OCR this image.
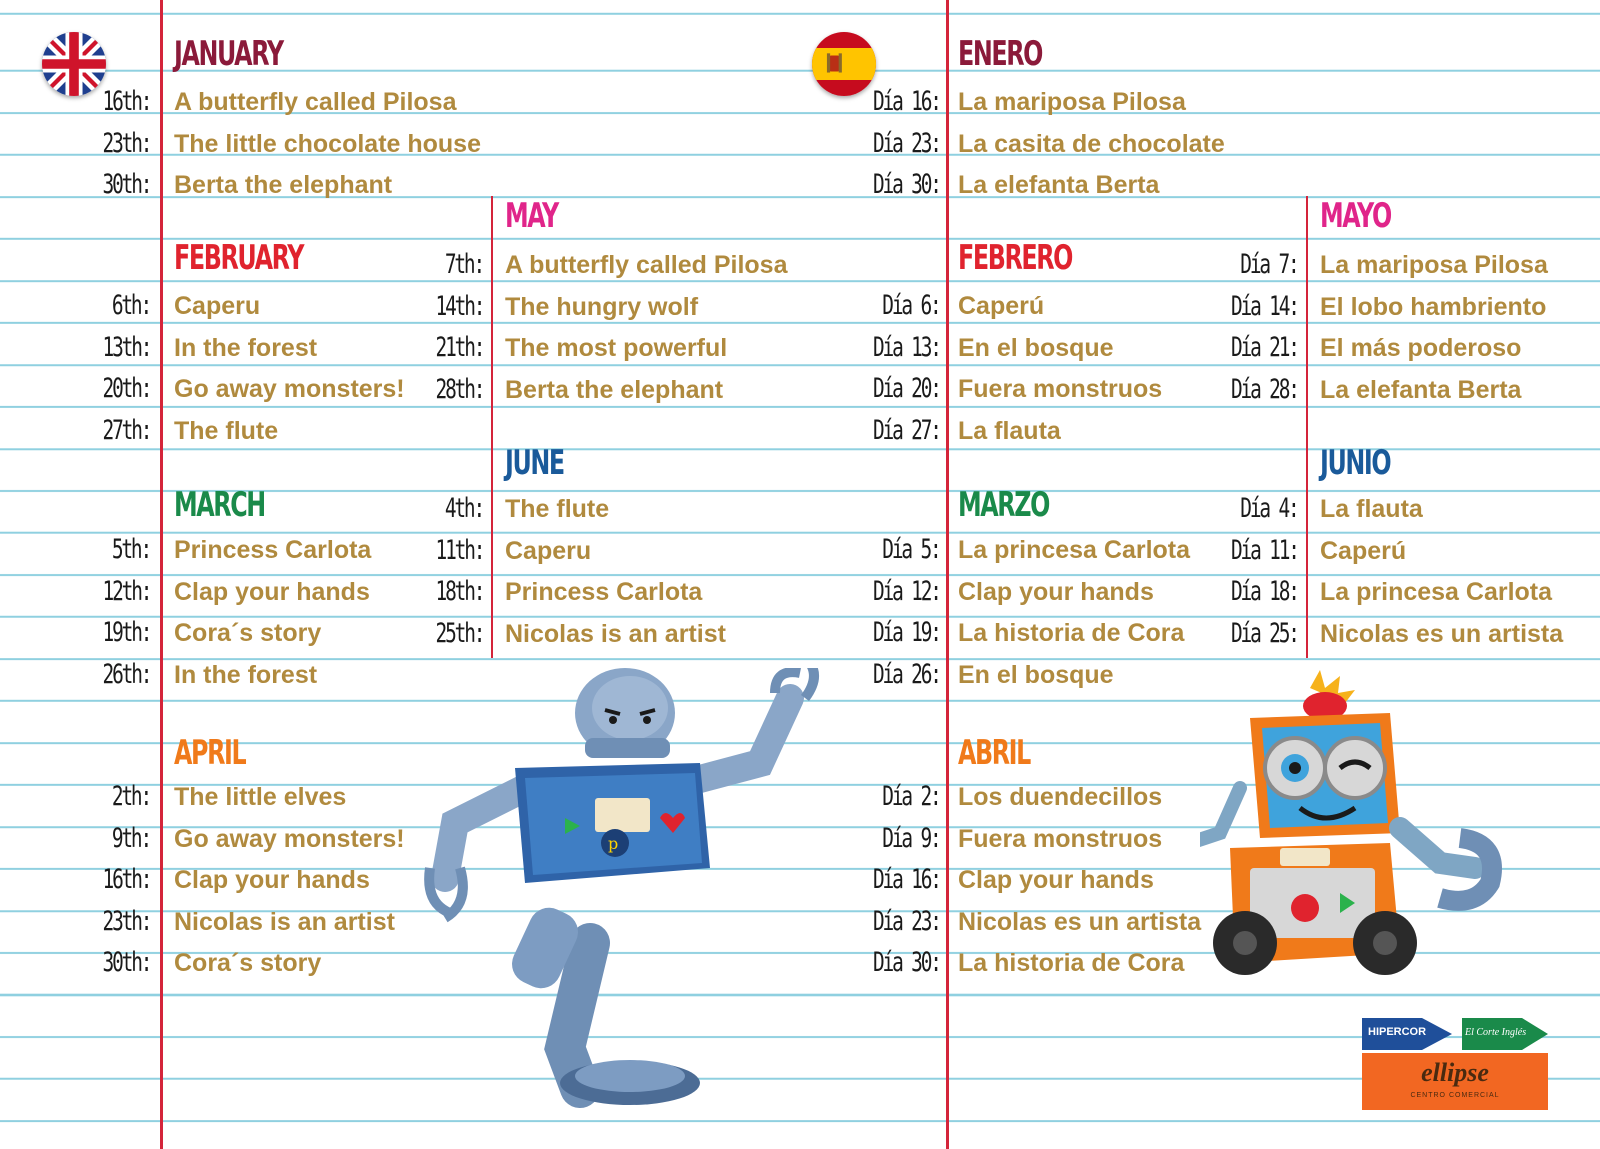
JANUARY
16th: A butterfly called Pilosa
23th: The little chocolate house
30th: Berta the elephant
FEBRUARY
6th: Caperu
13th: In the forest
20th: Go away monsters!
27th: The flute
MARCH
5th: Princess Carlota
12th: Clap your hands
19th: Cora´s story
26th: In the forest
APRIL
2th: The little elves
9th: Go away monsters!
16th: Clap your hands
23th: Nicolas is an artist
30th: Cora´s story
MAY
7th: A butterfly called Pilosa
14th: The hungry wolf
21th: The most powerful
28th: Berta the elephant
JUNE
4th: The flute
11th: Caperu
18th: Princess Carlota
25th: Nicolas is an artist
ENERO
Día 16: La mariposa Pilosa
Día 23: La casita de chocolate
Día 30: La elefanta Berta
FEBRERO
Día 6: Caperú
Día 13: En el bosque
Día 20: Fuera monstruos
Día 27: La flauta
MARZO
Día 5: La princesa Carlota
Día 12: Clap your hands
Día 19: La historia de Cora
Día 26: En el bosque
ABRIL
Día 2: Los duendecillos
Día 9: Fuera monstruos
Día 16: Clap your hands
Día 23: Nicolas es un artista
Día 30: La historia de Cora
MAYO
Día 7: La mariposa Pilosa
Día 14: El lobo hambriento
Día 21: El más poderoso
Día 28: La elefanta Berta
JUNIO
Día 4: La flauta
Día 11: Caperú
Día 18: La princesa Carlota
Día 25: Nicolas es un artista
p
HIPERCOR	El Corte Inglés
ellipse
CENTRO COMERCIAL
